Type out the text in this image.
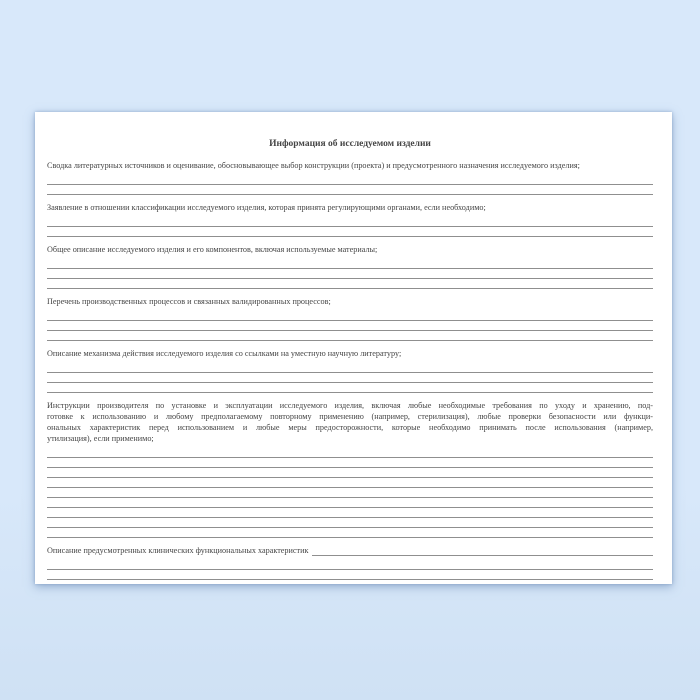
Информация об исследуемом изделии
Сводка литературных источников и оценивание, обосновывающее выбор конструкции (проекта) и предусмотренного назначения исследуемого изделия;
Заявление в отношении классификации исследуемого изделия, которая принята регулирующими органами, если необходимо;
Общее описание исследуемого изделия и его компонентов, включая используемые материалы;
Перечень производственных процессов и связанных валидированных процессов;
Описание механизма действия исследуемого изделия со ссылками на уместную научную литературу;
Инструкции производителя по установке и эксплуатации исследуемого изделия, включая любые необходимые требования по уходу и хранению, под-
готовке к использованию и любому предполагаемому повторному применению (например, стерилизация), любые проверки безопасности или функци-
ональных характеристик перед использованием и любые меры предосторожности, которые необходимо принимать после использования (например,
утилизация), если применимо;
Описание предусмотренных клинических функциональных характеристик
